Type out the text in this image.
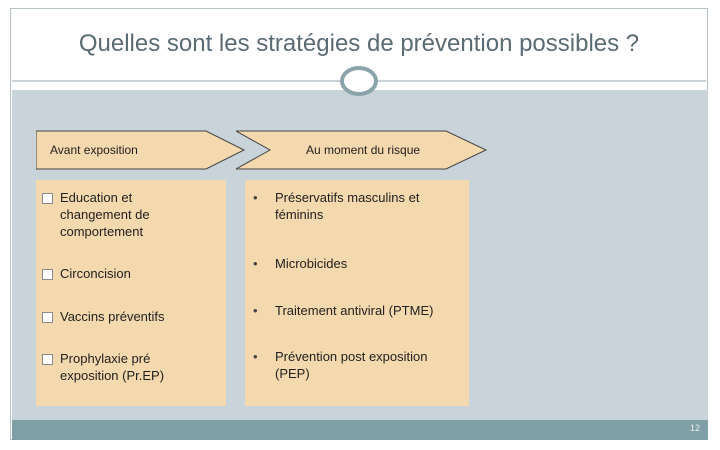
Quelles sont les stratégies de prévention possibles ?
Avant exposition	Au moment du risque
Education et changement de comportement
Circoncision
Vaccins préventifs
Prophylaxie pré exposition (Pr.EP)
•	Préservatifs masculins et féminins
•	Microbicides
•	Traitement antiviral (PTME)
•	Prévention post exposition (PEP)
12
